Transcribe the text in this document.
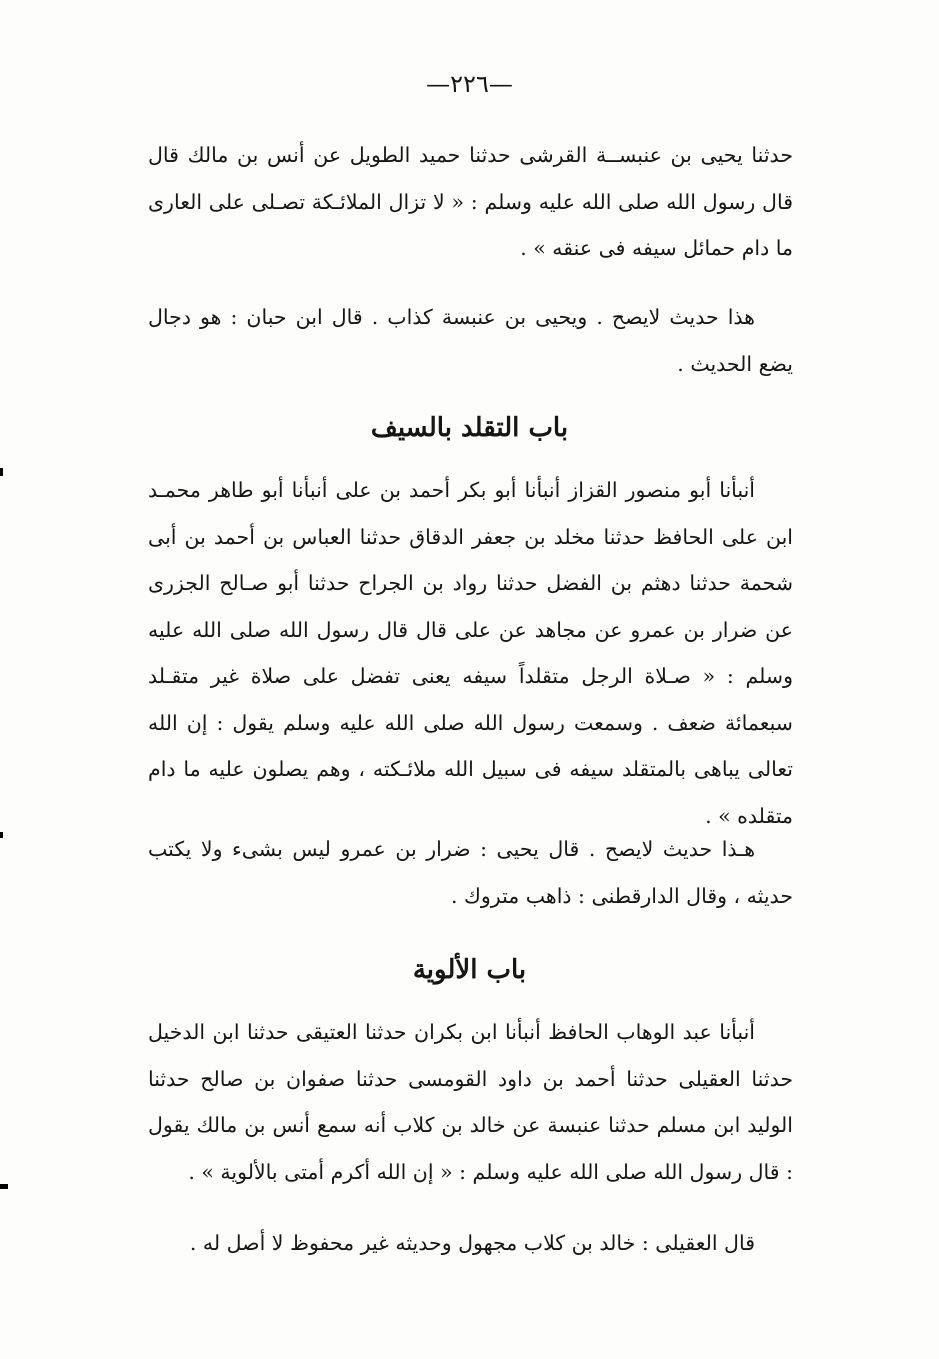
—٢٢٦—

حدثنا يحيى بن عنبســة القرشى حدثنا حميد الطويل عن أنس بن مالك قال قال رسول الله صلى الله عليه وسلم : « لا تزال الملائـكة تصـلى على العارى ما دام حمائل سيفه فى عنقه » .

هذا حديث لايصح . ويحيى بن عنبسة كذاب . قال ابن حبان : هو دجال يضع الحديث .

باب التقلد بالسيف

أنبأنا أبو منصور القزاز أنبأنا أبو بكر أحمد بن على أنبأنا أبو طاهر محمـد ابن على الحافظ حدثنا مخلد بن جعفر الدقاق حدثنا العباس بن أحمد بن أبى شحمة حدثنا دهثم بن الفضل حدثنا رواد بن الجراح حدثنا أبو صـالح الجزرى عن ضرار بن عمرو عن مجاهد عن على قال قال رسول الله صلى الله عليه وسلم : « صـلاة الرجل متقلداً سيفه يعنى تفضل على صلاة غير متقـلد سبعمائة ضعف . وسمعت رسول الله صلى الله عليه وسلم يقول : إن الله تعالى يباهى بالمتقلد سيفه فى سبيل الله ملائـكته ، وهم يصلون عليه ما دام متقلده » .

هـذا حديث لايصح . قال يحيى : ضرار بن عمرو ليس بشىء ولا يكتب حديثه ، وقال الدارقطنى : ذاهب متروك .

باب الألوية

أنبأنا عبد الوهاب الحافظ أنبأنا ابن بكران حدثنا العتيقى حدثنا ابن الدخيل حدثنا العقيلى حدثنا أحمد بن داود القومسى حدثنا صفوان بن صالح حدثنا الوليد ابن مسلم حدثنا عنبسة عن خالد بن كلاب أنه سمع أنس بن مالك يقول : قال رسول الله صلى الله عليه وسلم : « إن الله أكرم أمتى بالألوية » .

قال العقيلى : خالد بن كلاب مجهول وحديثه غير محفوظ لا أصل له .
